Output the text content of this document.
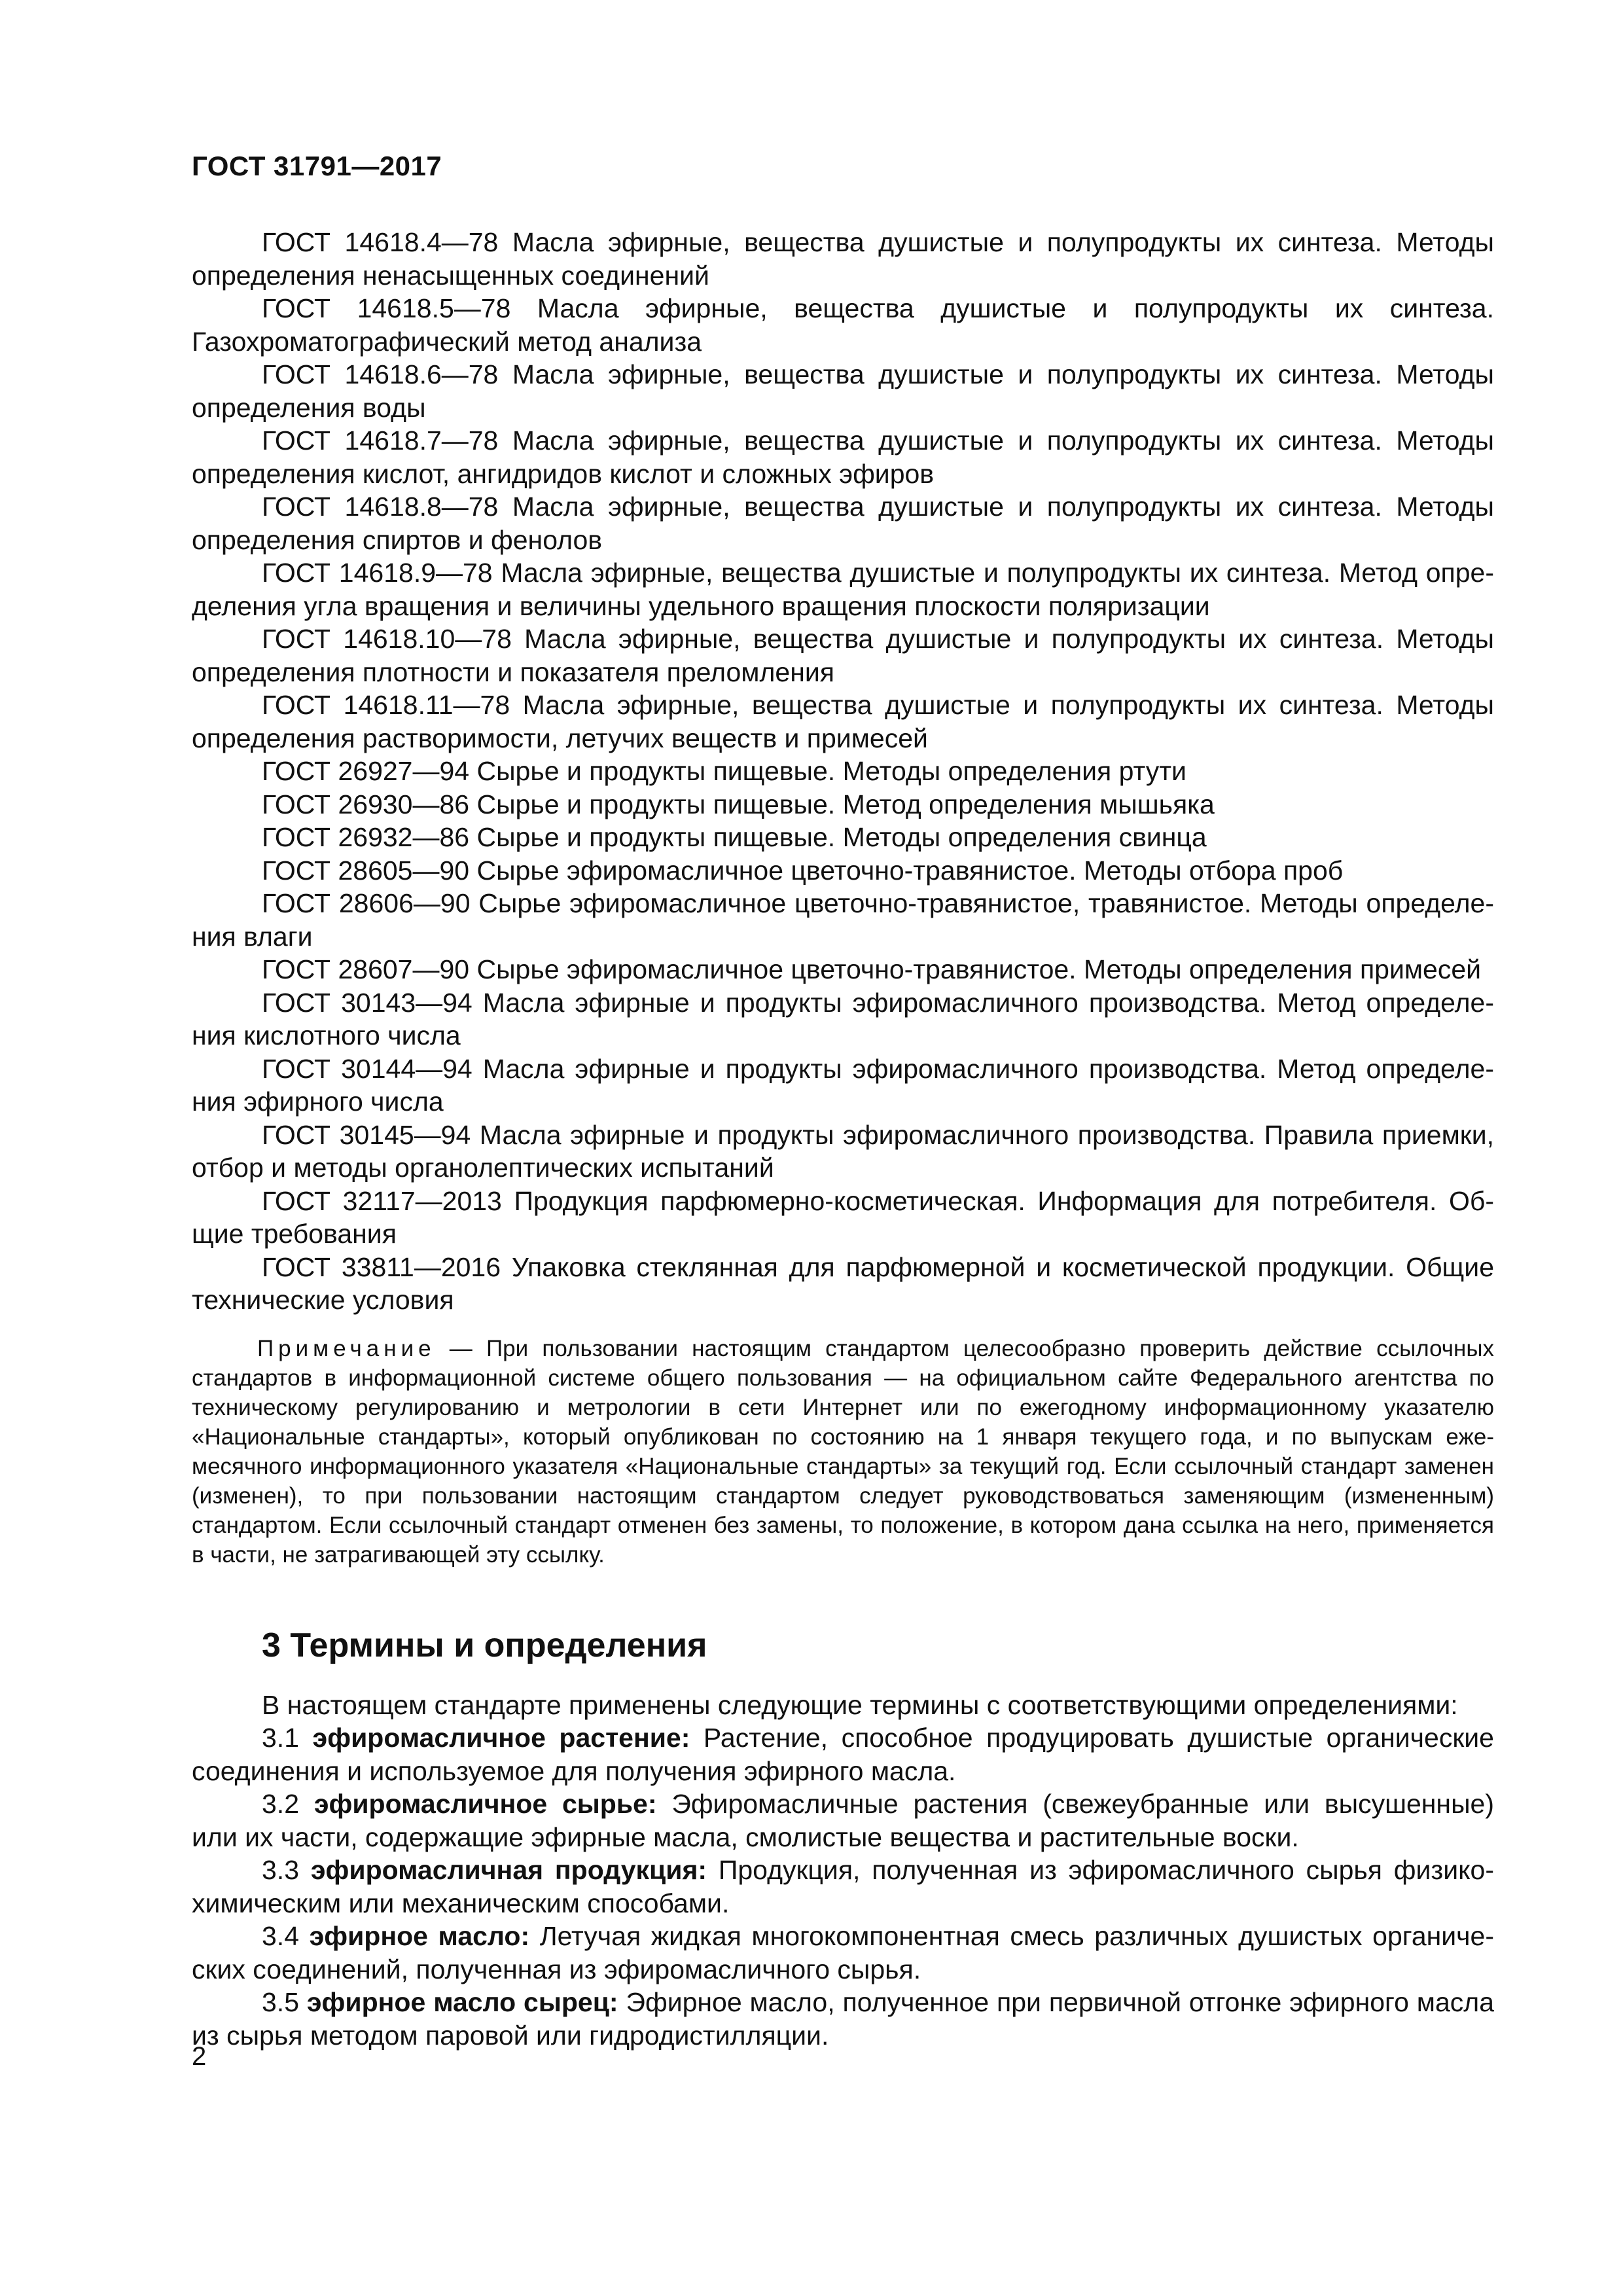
ГОСТ 31791—2017

ГОСТ 14618.4—78 Масла эфирные, вещества душистые и полупродукты их синтеза. Методы определения ненасыщенных соединений

ГОСТ 14618.5—78 Масла эфирные, вещества душистые и полупродукты их синтеза. Газохроматографический метод анализа

ГОСТ 14618.6—78 Масла эфирные, вещества душистые и полупродукты их синтеза. Методы определения воды

ГОСТ 14618.7—78 Масла эфирные, вещества душистые и полупродукты их синтеза. Методы определения кислот, ангидридов кислот и сложных эфиров

ГОСТ 14618.8—78 Масла эфирные, вещества душистые и полупродукты их синтеза. Методы определения спиртов и фенолов

ГОСТ 14618.9—78 Масла эфирные, вещества душистые и полупродукты их синтеза. Метод определения угла вращения и величины удельного вращения плоскости поляризации

ГОСТ 14618.10—78 Масла эфирные, вещества душистые и полупродукты их синтеза. Методы определения плотности и показателя преломления

ГОСТ 14618.11—78 Масла эфирные, вещества душистые и полупродукты их синтеза. Методы определения растворимости, летучих веществ и примесей

ГОСТ 26927—94 Сырье и продукты пищевые. Методы определения ртути

ГОСТ 26930—86 Сырье и продукты пищевые. Метод определения мышьяка

ГОСТ 26932—86 Сырье и продукты пищевые. Методы определения свинца

ГОСТ 28605—90 Сырье эфиромасличное цветочно-травянистое. Методы отбора проб

ГОСТ 28606—90 Сырье эфиромасличное цветочно-травянистое, травянистое. Методы определения влаги

ГОСТ 28607—90 Сырье эфиромасличное цветочно-травянистое. Методы определения примесей

ГОСТ 30143—94 Масла эфирные и продукты эфиромасличного производства. Метод определения кислотного числа

ГОСТ 30144—94 Масла эфирные и продукты эфиромасличного производства. Метод определения эфирного числа

ГОСТ 30145—94 Масла эфирные и продукты эфиромасличного производства. Правила приемки, отбор и методы органолептических испытаний

ГОСТ 32117—2013 Продукция парфюмерно-косметическая. Информация для потребителя. Общие требования

ГОСТ 33811—2016 Упаковка стеклянная для парфюмерной и косметической продукции. Общие технические условия

Примечание — При пользовании настоящим стандартом целесообразно проверить действие ссылочных стандартов в информационной системе общего пользования — на официальном сайте Федерального агентства по техническому регулированию и метрологии в сети Интернет или по ежегодному информационному указателю «Национальные стандарты», который опубликован по состоянию на 1 января текущего года, и по выпускам ежемесячного информационного указателя «Национальные стандарты» за текущий год. Если ссылочный стандарт заменен (изменен), то при пользовании настоящим стандартом следует руководствоваться заменяющим (измененным) стандартом. Если ссылочный стандарт отменен без замены, то положение, в котором дана ссылка на него, применяется в части, не затрагивающей эту ссылку.
3 Термины и определения

В настоящем стандарте применены следующие термины с соответствующими определениями:

3.1 эфиромасличное растение: Растение, способное продуцировать душистые органические соединения и используемое для получения эфирного масла.

3.2 эфиромасличное сырье: Эфиромасличные растения (свежеубранные или высушенные) или их части, содержащие эфирные масла, смолистые вещества и растительные воски.

3.3 эфиромасличная продукция: Продукция, полученная из эфиромасличного сырья физико-химическим или механическим способами.

3.4 эфирное масло: Летучая жидкая многокомпонентная смесь различных душистых органических соединений, полученная из эфиромасличного сырья.

3.5 эфирное масло сырец: Эфирное масло, полученное при первичной отгонке эфирного масла из сырья методом паровой или гидродистилляции.

2
